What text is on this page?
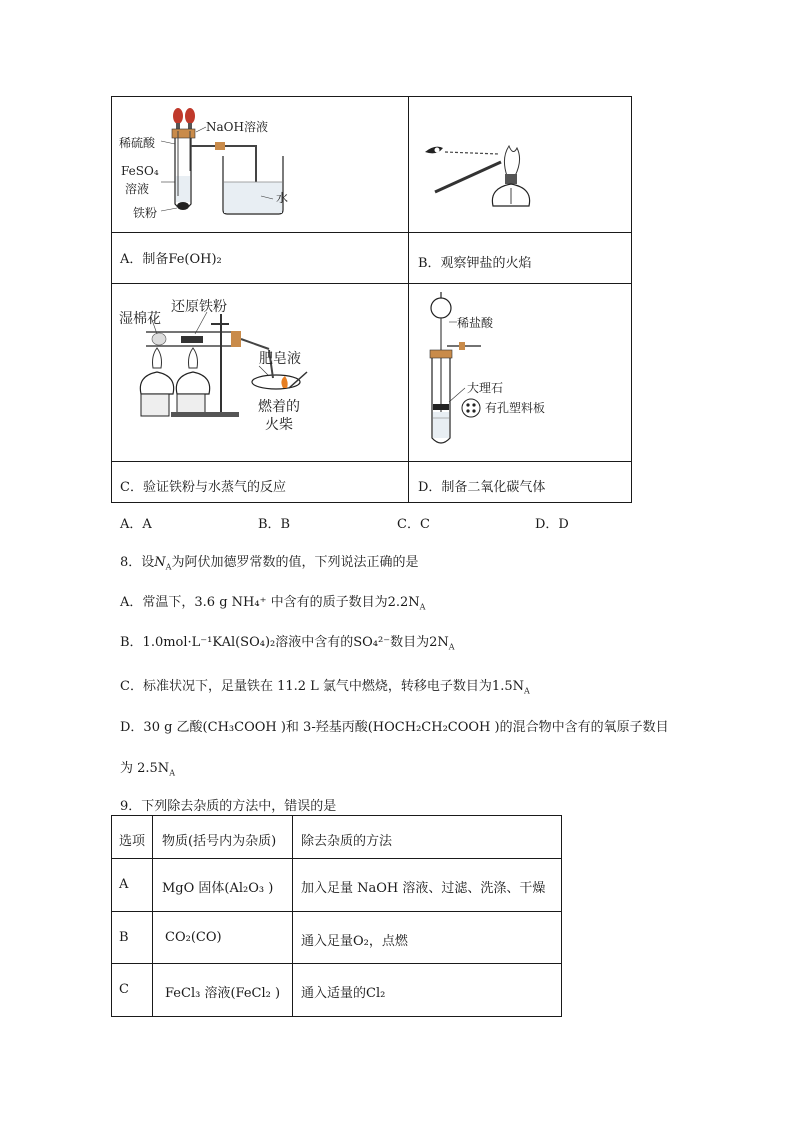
稀硫酸
NaOH溶液
FeSO₄
溶液
铁粉
水
湿棉花
还原铁粉
肥皂液
燃着的
火柴
稀盐酸
大理石
有孔塑料板
A．制备Fe(OH)₂	B．观察钾盐的火焰
C．验证铁粉与水蒸气的反应	D．制备二氧化碳气体
A．A	B．B	C．C	D．D
8．设$N_A$为阿伏加德罗常数的值，下列说法正确的是
A．常温下，3.6 g NH₄⁺ 中含有的质子数目为$2.2N_A$
B．1.0mol·L⁻¹KAl(SO₄)₂溶液中含有的SO₄²⁻数目为$2N_A$
C．标准状况下，足量铁在 11.2 L 氯气中燃烧，转移电子数目为$1.5N_A$
D．30 g 乙酸(CH₃COOH )和 3-羟基丙酸(HOCH₂CH₂COOH )的混合物中含有的氧原子数目
为 $2.5N_A$
9．下列除去杂质的方法中，错误的是
选项 物质(括号内为杂质) 除去杂质的方法
A	MgO 固体(Al₂O₃ ) 加入足量 NaOH 溶液、过滤、洗涤、干燥
B	CO₂(CO)	通入足量O₂，点燃
C	FeCl₃ 溶液(FeCl₂ ) 通入适量的Cl₂
